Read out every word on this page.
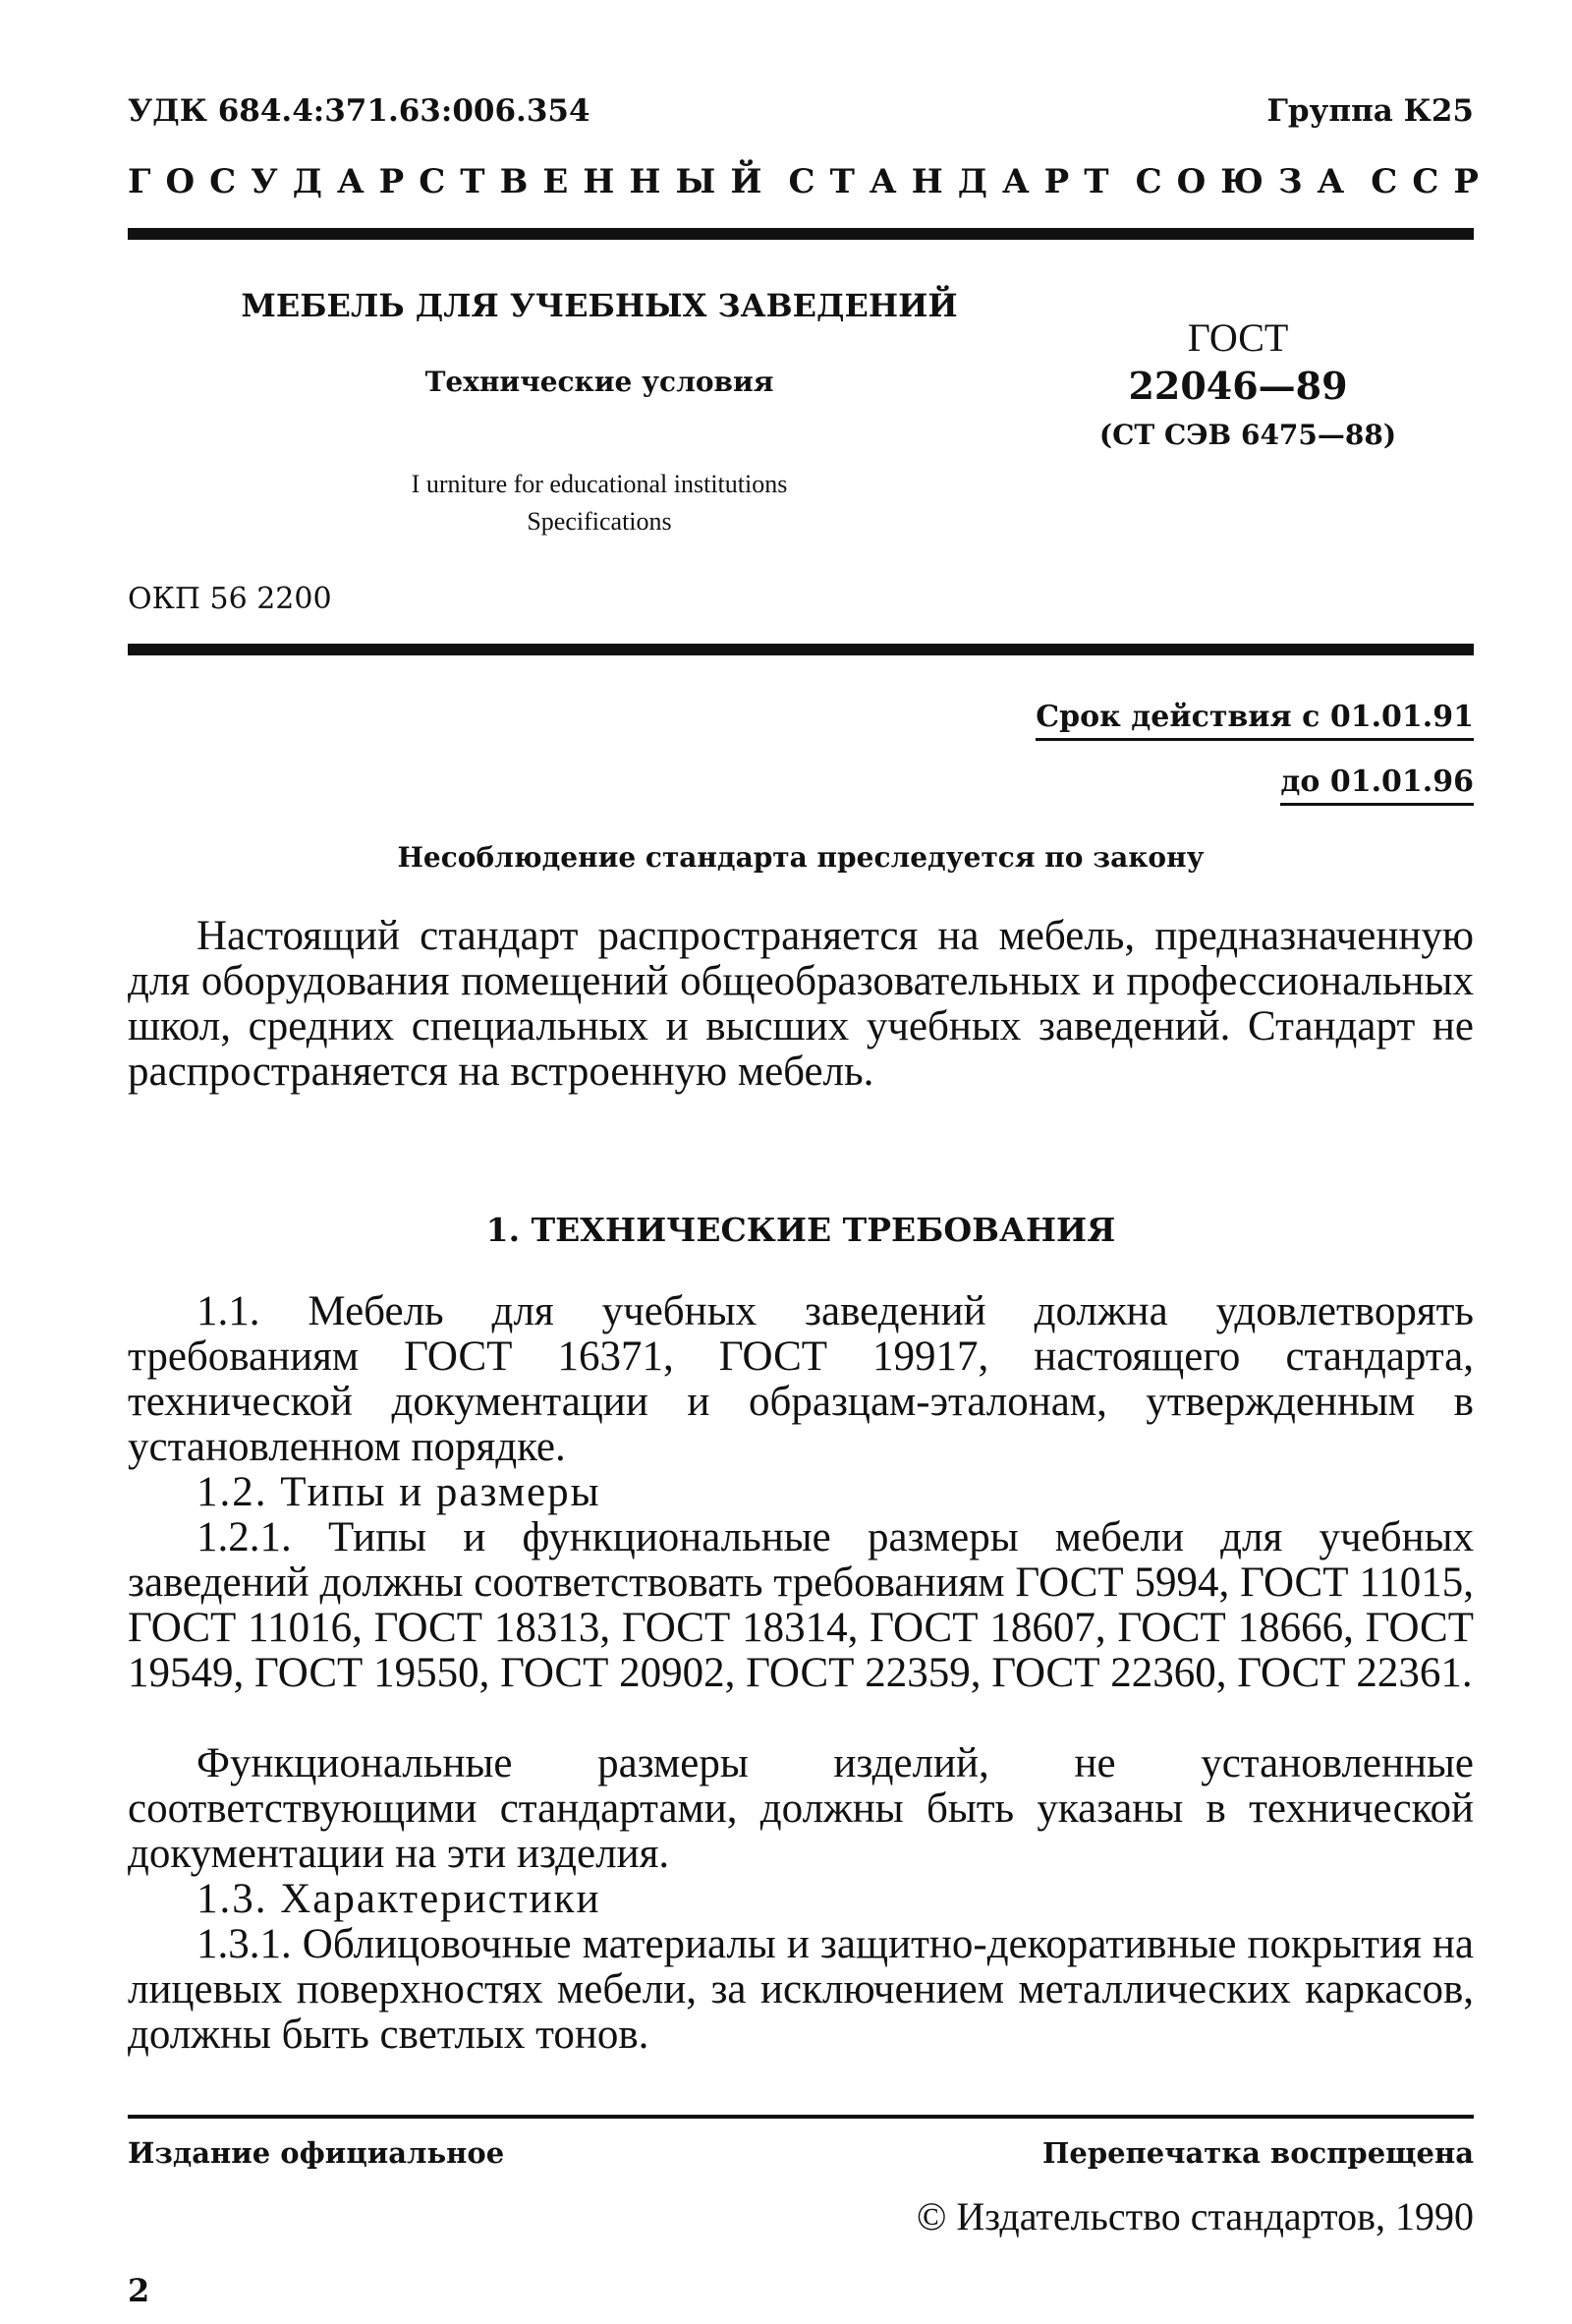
УДК 684.4:371.63:006.354	Группа К25
ГОСУДАРСТВЕННЫЙ СТАНДАРТ СОЮЗА ССР
МЕБЕЛЬ ДЛЯ УЧЕБНЫХ ЗАВЕДЕНИЙ
Технические условия
I urniture for educational institutions
Specifications
ОКП 56 2200
ГОСТ
22046—89
(СТ СЭВ 6475—88)
Срок действия с 01.01.91
до 01.01.96
Несоблюдение стандарта преследуется по закону
Настоящий стандарт распространяется на мебель, предназначенную для оборудования помещений общеобразовательных и профессиональных школ, средних специальных и высших учебных заведений. Стандарт не распространяется на встроенную мебель.
1. ТЕХНИЧЕСКИЕ ТРЕБОВАНИЯ
1.1. Мебель для учебных заведений должна удовлетворять требованиям ГОСТ 16371, ГОСТ 19917, настоящего стандарта, технической документации и образцам-эталонам, утвержденным в установленном порядке.
1.2. Типы и размеры
1.2.1. Типы и функциональные размеры мебели для учебных заведений должны соответствовать требованиям ГОСТ 5994, ГОСТ 11015, ГОСТ 11016, ГОСТ 18313, ГОСТ 18314, ГОСТ 18607, ГОСТ 18666, ГОСТ 19549, ГОСТ 19550, ГОСТ 20902, ГОСТ 22359, ГОСТ 22360, ГОСТ 22361.
Функциональные размеры изделий, не установленные соответствующими стандартами, должны быть указаны в технической документации на эти изделия.
1.3. Характеристики
1.3.1. Облицовочные материалы и защитно-декоративные покрытия на лицевых поверхностях мебели, за исключением металлических каркасов, должны быть светлых тонов.
Издание официальное	Перепечатка воспрещена
© Издательство стандартов, 1990
2
